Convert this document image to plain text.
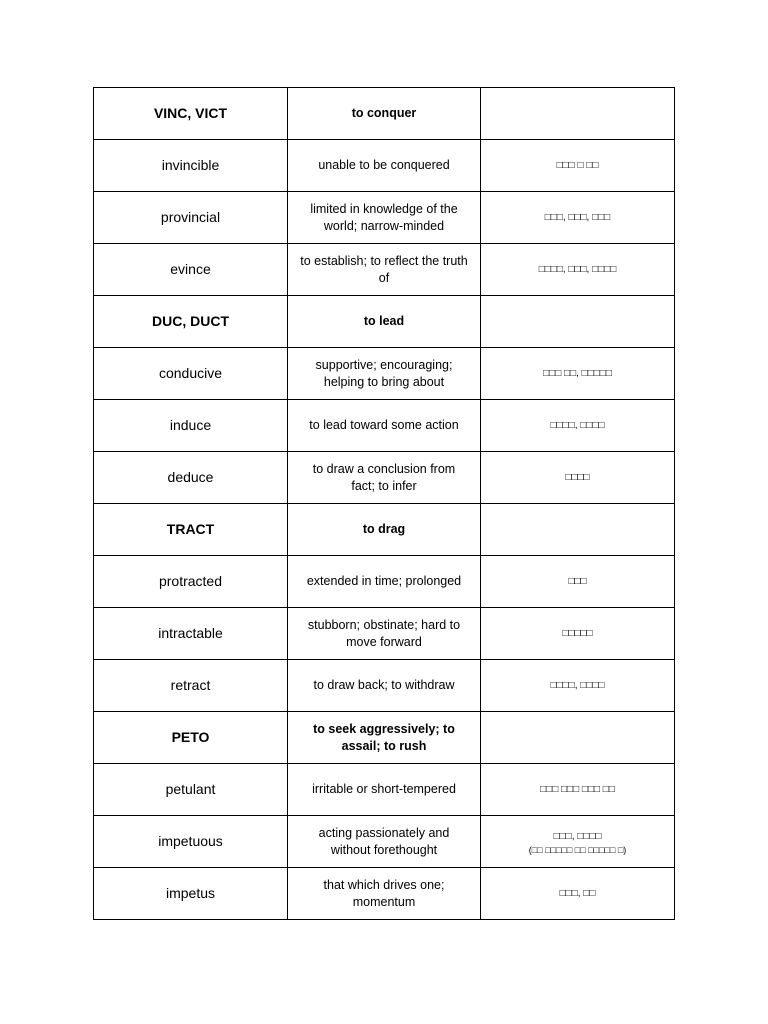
VINC, VICT	to conquer	
invincible	unable to be conquered	□□□ □ □□
provincial	limited in knowledge of the world; narrow-minded	□□□, □□□, □□□
evince	to establish; to reflect the truth of	□□□□, □□□, □□□□
DUC, DUCT	to lead	
conducive	supportive; encouraging; helping to bring about	□□□ □□, □□□□□
induce	to lead toward some action	□□□□, □□□□
deduce	to draw a conclusion from fact; to infer	□□□□
TRACT	to drag	
protracted	extended in time; prolonged	□□□
intractable	stubborn; obstinate; hard to move forward	□□□□□
retract	to draw back; to withdraw	□□□□, □□□□
PETO	to seek aggressively; to assail; to rush	
petulant	irritable or short-tempered	□□□ □□□ □□□ □□
impetuous	acting passionately and without forethought	□□□, □□□□
(□□ □□□□□ □□ □□□□□ □)

impetus	that which drives one; momentum	□□□, □□
